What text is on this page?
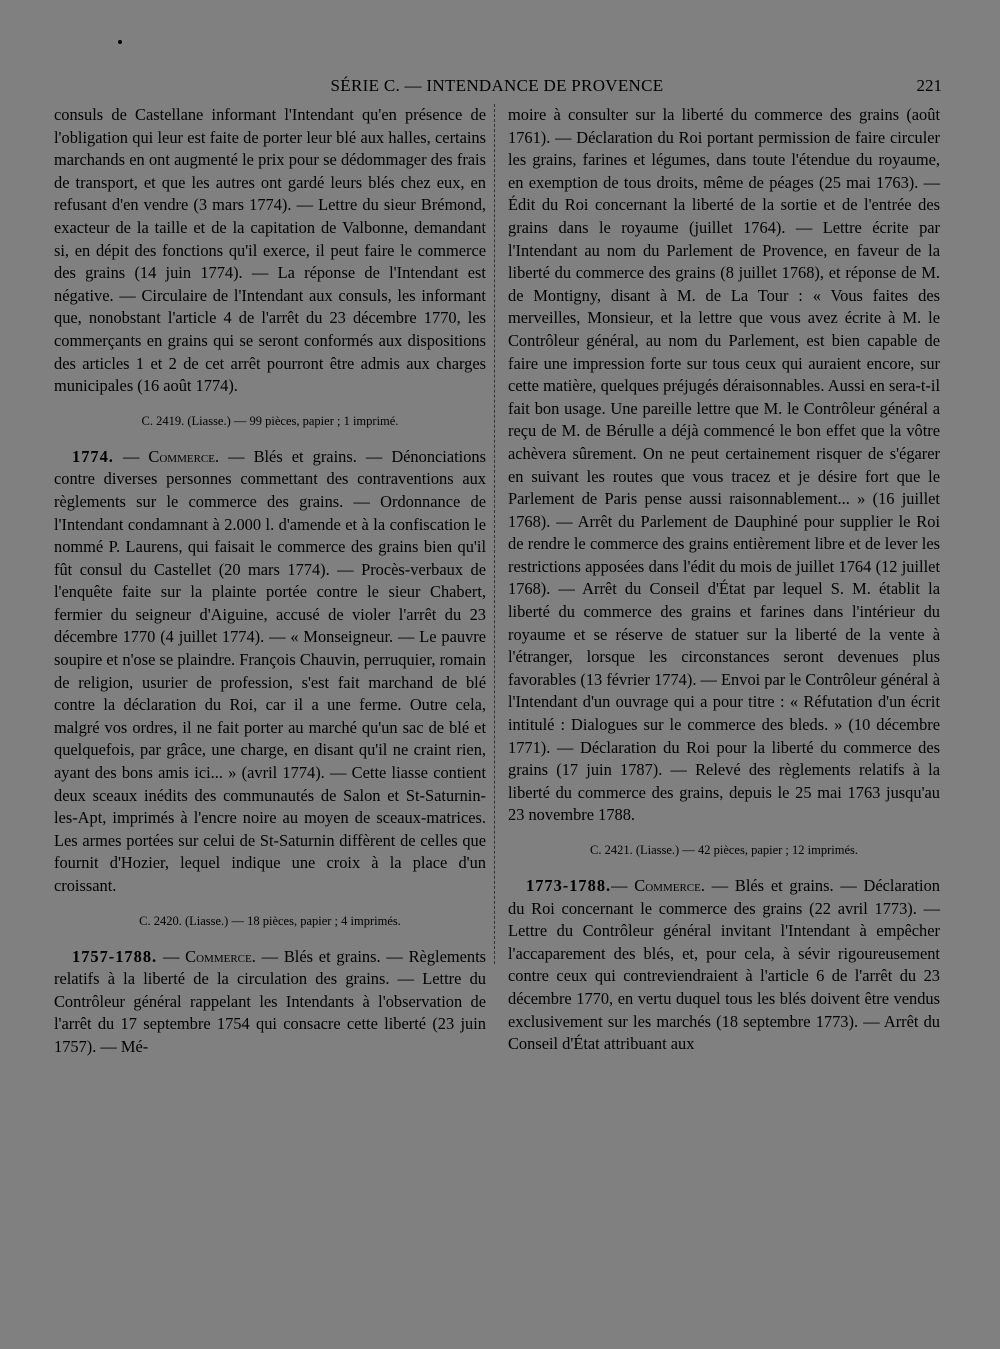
SÉRIE C. — INTENDANCE DE PROVENCE	221

consuls de Castellane informant l'Intendant qu'en présence de l'obligation qui leur est faite de porter leur blé aux halles, certains marchands en ont augmenté le prix pour se dédommager des frais de transport, et que les autres ont gardé leurs blés chez eux, en refusant d'en vendre (3 mars 1774). — Lettre du sieur Brémond, exacteur de la taille et de la capitation de Valbonne, demandant si, en dépit des fonctions qu'il exerce, il peut faire le commerce des grains (14 juin 1774). — La réponse de l'Intendant est négative. — Circulaire de l'Intendant aux consuls, les informant que, nonobstant l'article 4 de l'arrêt du 23 décembre 1770, les commerçants en grains qui se seront conformés aux dispositions des articles 1 et 2 de cet arrêt pourront être admis aux charges municipales (16 août 1774).

C. 2419. (Liasse.) — 99 pièces, papier ; 1 imprimé.

1774. — Commerce. — Blés et grains. — Dénonciations contre diverses personnes commettant des contraventions aux règlements sur le commerce des grains. — Ordonnance de l'Intendant condamnant à 2.000 l. d'amende et à la confiscation le nommé P. Laurens, qui faisait le commerce des grains bien qu'il fût consul du Castellet (20 mars 1774). — Procès-verbaux de l'enquête faite sur la plainte portée contre le sieur Chabert, fermier du seigneur d'Aiguine, accusé de violer l'arrêt du 23 décembre 1770 (4 juillet 1774). — « Monseigneur. — Le pauvre soupire et n'ose se plaindre. François Chauvin, perruquier, romain de religion, usurier de profession, s'est fait marchand de blé contre la déclaration du Roi, car il a une ferme. Outre cela, malgré vos ordres, il ne fait porter au marché qu'un sac de blé et quelquefois, par grâce, une charge, en disant qu'il ne craint rien, ayant des bons amis ici... » (avril 1774). — Cette liasse contient deux sceaux inédits des communautés de Salon et St-Saturnin-les-Apt, imprimés à l'encre noire au moyen de sceaux-matrices. Les armes portées sur celui de St-Saturnin diffèrent de celles que fournit d'Hozier, lequel indique une croix à la place d'un croissant.

C. 2420. (Liasse.) — 18 pièces, papier ; 4 imprimés.

1757-1788. — Commerce. — Blés et grains. — Règlements relatifs à la liberté de la circulation des grains. — Lettre du Contrôleur général rappelant les Intendants à l'observation de l'arrêt du 17 septembre 1754 qui consacre cette liberté (23 juin 1757). — Mé-

moire à consulter sur la liberté du commerce des grains (août 1761). — Déclaration du Roi portant permission de faire circuler les grains, farines et légumes, dans toute l'étendue du royaume, en exemption de tous droits, même de péages (25 mai 1763). — Édit du Roi concernant la liberté de la sortie et de l'entrée des grains dans le royaume (juillet 1764). — Lettre écrite par l'Intendant au nom du Parlement de Provence, en faveur de la liberté du commerce des grains (8 juillet 1768), et réponse de M. de Montigny, disant à M. de La Tour : « Vous faites des merveilles, Monsieur, et la lettre que vous avez écrite à M. le Contrôleur général, au nom du Parlement, est bien capable de faire une impression forte sur tous ceux qui auraient encore, sur cette matière, quelques préjugés déraisonnables. Aussi en sera-t-il fait bon usage. Une pareille lettre que M. le Contrôleur général a reçu de M. de Bérulle a déjà commencé le bon effet que la vôtre achèvera sûrement. On ne peut certainement risquer de s'égarer en suivant les routes que vous tracez et je désire fort que le Parlement de Paris pense aussi raisonnablement... » (16 juillet 1768). — Arrêt du Parlement de Dauphiné pour supplier le Roi de rendre le commerce des grains entièrement libre et de lever les restrictions apposées dans l'édit du mois de juillet 1764 (12 juillet 1768). — Arrêt du Conseil d'État par lequel S. M. établit la liberté du commerce des grains et farines dans l'intérieur du royaume et se réserve de statuer sur la liberté de la vente à l'étranger, lorsque les circonstances seront devenues plus favorables (13 février 1774). — Envoi par le Contrôleur général à l'Intendant d'un ouvrage qui a pour titre : « Réfutation d'un écrit intitulé : Dialogues sur le commerce des bleds. » (10 décembre 1771). — Déclaration du Roi pour la liberté du commerce des grains (17 juin 1787). — Relevé des règlements relatifs à la liberté du commerce des grains, depuis le 25 mai 1763 jusqu'au 23 novembre 1788.

C. 2421. (Liasse.) — 42 pièces, papier ; 12 imprimés.

1773-1788.— Commerce. — Blés et grains. — Déclaration du Roi concernant le commerce des grains (22 avril 1773). — Lettre du Contrôleur général invitant l'Intendant à empêcher l'accaparement des blés, et, pour cela, à sévir rigoureusement contre ceux qui contreviendraient à l'article 6 de l'arrêt du 23 décembre 1770, en vertu duquel tous les blés doivent être vendus exclusivement sur les marchés (18 septembre 1773). — Arrêt du Conseil d'État attribuant aux
